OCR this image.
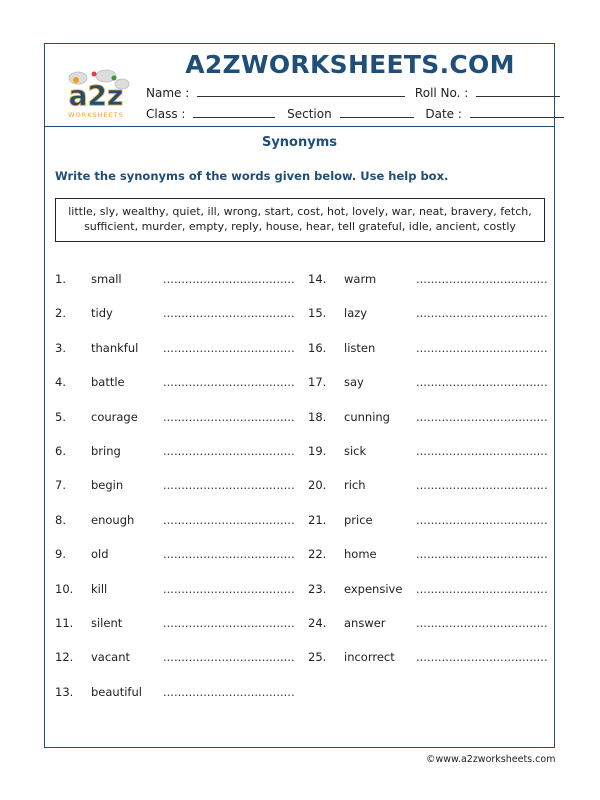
a2z
WORKSHEETS
A2ZWORKSHEETS.COM
Name :	Roll No. :
Class :	Section	Date :
Synonyms
Write the synonyms of the words given below. Use help box.
little, sly, wealthy, quiet, ill, wrong, start, cost, hot, lovely, war, neat, bravery, fetch, sufficient, murder, empty, reply, house, hear, tell grateful, idle, ancient, costly
1. small	....................................
2. tidy	....................................
3. thankful ....................................
4. battle	....................................
5. courage ....................................
6. bring	....................................
7. begin	....................................
8. enough ....................................
9. old	....................................
10. kill	....................................
11. silent	....................................
12. vacant	....................................
13. beautiful ....................................
14. warm	....................................
15. lazy	....................................
16. listen	....................................
17. say	....................................
18. cunning ....................................
19. sick	....................................
20. rich	....................................
21. price	....................................
22. home	....................................
23. expensive ....................................
24. answer	....................................
25. incorrect ....................................
©www.a2zworksheets.com
